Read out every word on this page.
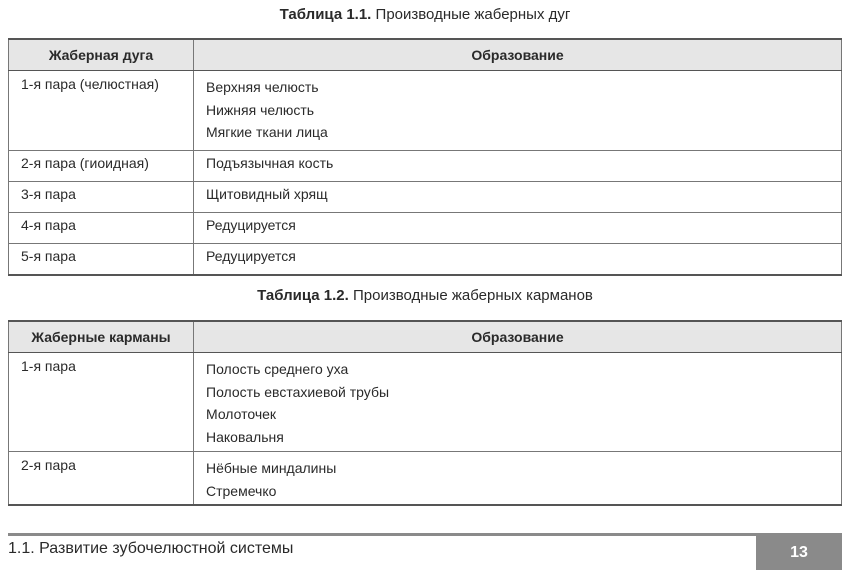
Таблица 1.1. Производные жаберных дуг
Жаберная дуга	Образование
1-я пара (челюстная)	Верхняя челюсть
Нижняя челюсть
Мягкие ткани лица

2-я пара (гиоидная)	Подъязычная кость
3-я пара	Щитовидный хрящ
4-я пара	Редуцируется
5-я пара	Редуцируется
Таблица 1.2. Производные жаберных карманов
Жаберные карманы	Образование
1-я пара	Полость среднего уха
Полость евстахиевой трубы
Молоточек
Наковальня

2-я пара	Нёбные миндалины
Стремечко
1.1. Развитие зубочелюстной системы	13
